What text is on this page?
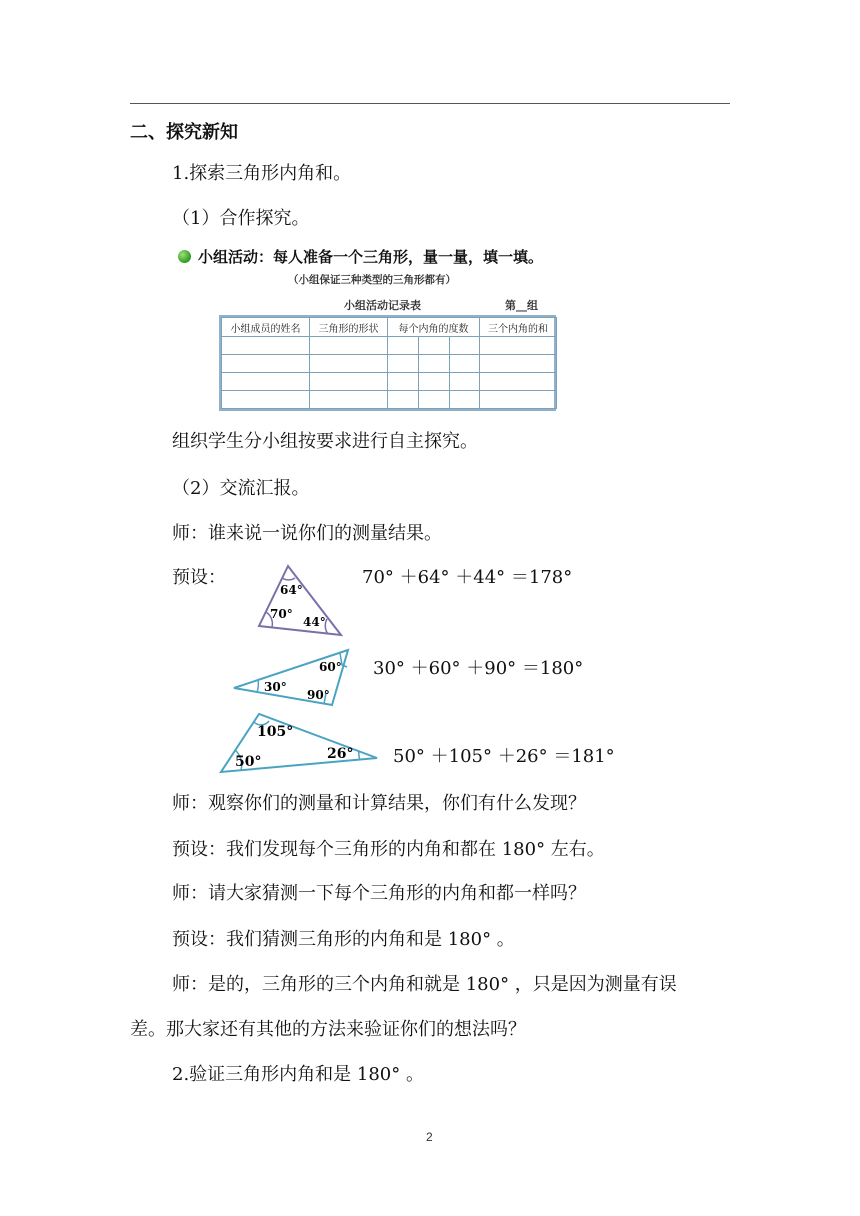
二、探究新知
1.探索三角形内角和。
（1）合作探究。
小组活动：每人准备一个三角形，量一量，填一填。
（小组保证三种类型的三角形都有）
小组活动记录表	第__组
小组成员的姓名	三角形的形状	每个内角的度数			三个内角的和

组织学生分小组按要求进行自主探究。
（2）交流汇报。
师：谁来说一说你们的测量结果。
预设：
64°
70°
44°
70° ＋64° ＋44° ＝178°
60°
30°
90°
30° ＋60° ＋90° ＝180°
105°
50°	26° 50° ＋105° ＋26° ＝181°
师：观察你们的测量和计算结果，你们有什么发现？
预设：我们发现每个三角形的内角和都在 180° 左右。
师：请大家猜测一下每个三角形的内角和都一样吗？
预设：我们猜测三角形的内角和是 180° 。
师：是的，三角形的三个内角和就是 180° ，只是因为测量有误
差。那大家还有其他的方法来验证你们的想法吗？
2.验证三角形内角和是 180° 。
2
